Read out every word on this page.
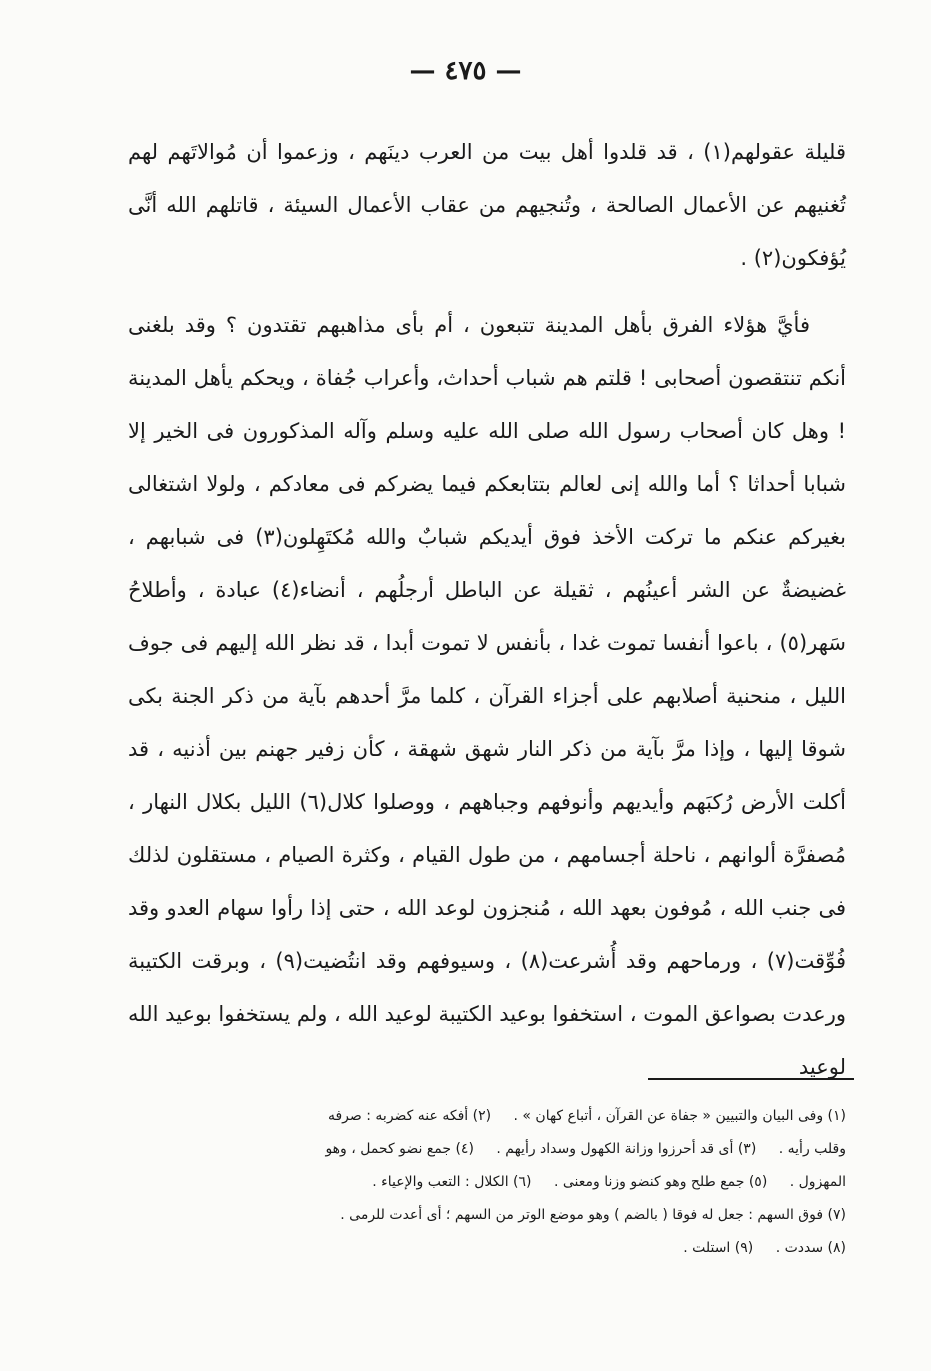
— ٤٧٥ —

قليلة عقولهم(١) ، قد قلدوا أهل بيت من العرب دينَهم ، وزعموا أن مُوالاتَهم لهم تُغنيهم عن الأعمال الصالحة ، وتُنجيهم من عقاب الأعمال السيئة ، قاتلهم الله أنَّى يُؤفكون(٢) .

فأيَّ هؤلاء الفرق بأهل المدينة تتبعون ، أم بأى مذاهبهم تقتدون ؟ وقد بلغنى أنكم تنتقصون أصحابى ! قلتم هم شباب أحداث، وأعراب جُفاة ، ويحكم يأهل المدينة ! وهل كان أصحاب رسول الله صلى الله عليه وسلم وآله المذكورون فى الخير إلا شبابا أحداثا ؟ أما والله إنى لعالم بتتابعكم فيما يضركم فى معادكم ، ولولا اشتغالى بغيركم عنكم ما تركت الأخذ فوق أيديكم شبابٌ والله مُكتَهِلون(٣) فى شبابهم ، غضيضةٌ عن الشر أعينُهم ، ثقيلة عن الباطل أرجلُهم ، أنضاء(٤) عبادة ، وأطلاحُ سَهر(٥) ، باعوا أنفسا تموت غدا ، بأنفس لا تموت أبدا ، قد نظر الله إليهم فى جوف الليل ، منحنية أصلابهم على أجزاء القرآن ، كلما مرَّ أحدهم بآية من ذكر الجنة بكى شوقا إليها ، وإذا مرَّ بآية من ذكر النار شهق شهقة ، كأن زفير جهنم بين أذنيه ، قد أكلت الأرض رُكبَهم وأيديهم وأنوفهم وجباههم ، ووصلوا كلال(٦) الليل بكلال النهار ، مُصفرَّة ألوانهم ، ناحلة أجسامهم ، من طول القيام ، وكثرة الصيام ، مستقلون لذلك فى جنب الله ، مُوفون بعهد الله ، مُنجزون لوعد الله ، حتى إذا رأوا سهام العدو وقد فُوِّقت(٧) ، ورماحهم وقد أُشرعت(٨) ، وسيوفهم وقد انتُضيت(٩) ، وبرقت الكتيبة ورعدت بصواعق الموت ، استخفوا بوعيد الكتيبة لوعيد الله ، ولم يستخفوا بوعيد الله لوعيد

(١) وفى البيان والتبيين « جفاة عن القرآن ، أتباع كهان » . (٢) أفكه عنه كضربه : صرفه
وقلب رأيه . (٣) أى قد أحرزوا وزانة الكهول وسداد رأيهم . (٤) جمع نضو كحمل ، وهو
المهزول . (٥) جمع طلح وهو كنضو وزنا ومعنى . (٦) الكلال : التعب والإعياء .
(٧) فوق السهم : جعل له فوقا ( بالضم ) وهو موضع الوتر من السهم ؛ أى أعدت للرمى .
(٨) سددت . (٩) استلت .
